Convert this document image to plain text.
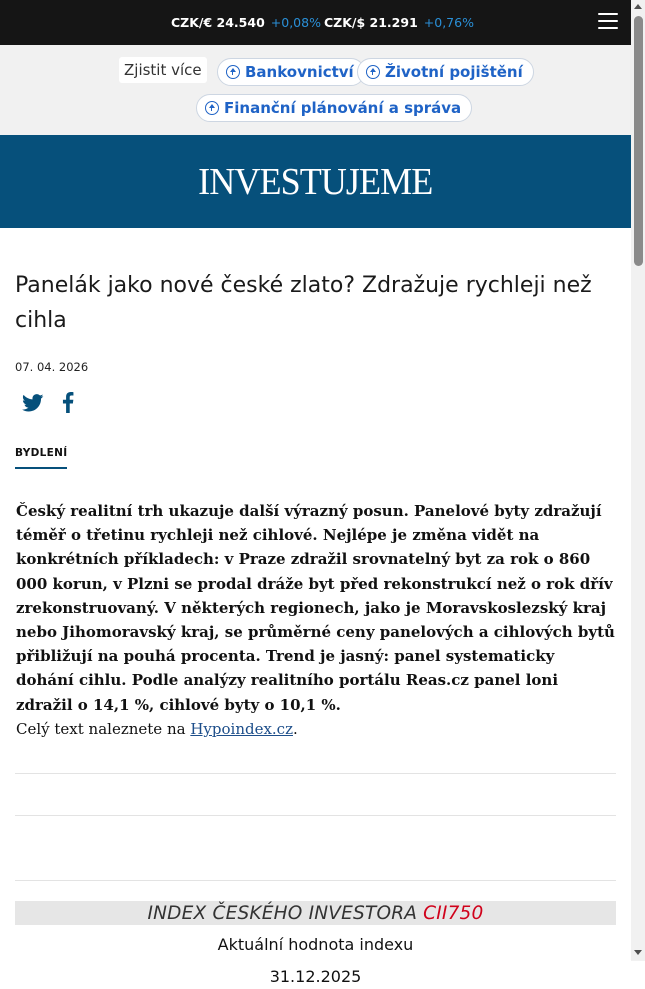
CZK/€ 24.540 +0,08% CZK/$ 21.291 +0,76%
Zjistit více	Bankovnictví Životní pojištění
Finanční plánování a správa
INVESTUJEME
Panelák jako nové české zlato? Zdražuje rychleji než cihla
07. 04. 2026
BYDLENÍ
Český realitní trh ukazuje další výrazný posun. Panelové byty zdražují téměř o třetinu rychleji než cihlové. Nejlépe je změna vidět na konkrétních příkladech: v Praze zdražil srovnatelný byt za rok o 860 000 korun, v Plzni se prodal dráže byt před rekonstrukcí než o rok dřív zrekonstruovaný. V některých regionech, jako je Moravskoslezský kraj nebo Jihomoravský kraj, se průměrné ceny panelových a cihlových bytů přibližují na pouhá procenta. Trend je jasný: panel systematicky dohání cihlu. Podle analýzy realitního portálu Reas.cz panel loni zdražil o 14,1 %, cihlové byty o 10,1 %.
Celý text naleznete na Hypoindex.cz.
INDEX ČESKÉHO INVESTORA CII750
Aktuální hodnota indexu
31.12.2025
